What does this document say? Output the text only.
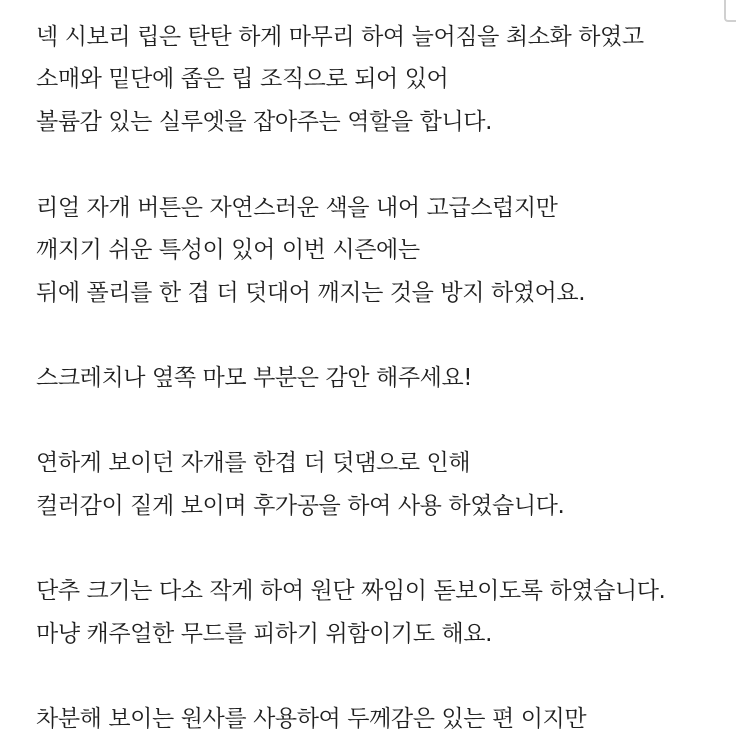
넥 시보리 립은 탄탄 하게 마무리 하여 늘어짐을 최소화 하였고
소매와 밑단에 좁은 립 조직으로 되어 있어
볼륨감 있는 실루엣을 잡아주는 역할을 합니다.
리얼 자개 버튼은 자연스러운 색을 내어 고급스럽지만
깨지기 쉬운 특성이 있어 이번 시즌에는
뒤에 폴리를 한 겹 더 덧대어 깨지는 것을 방지 하였어요.
스크레치나 옆쪽 마모 부분은 감안 해주세요!
연하게 보이던 자개를 한겹 더 덧댐으로 인해
컬러감이 짙게 보이며 후가공을 하여 사용 하였습니다.
단추 크기는 다소 작게 하여 원단 짜임이 돋보이도록 하였습니다.
마냥 캐주얼한 무드를 피하기 위함이기도 해요.
차분해 보이는 원사를 사용하여 두께감은 있는 편 이지만
